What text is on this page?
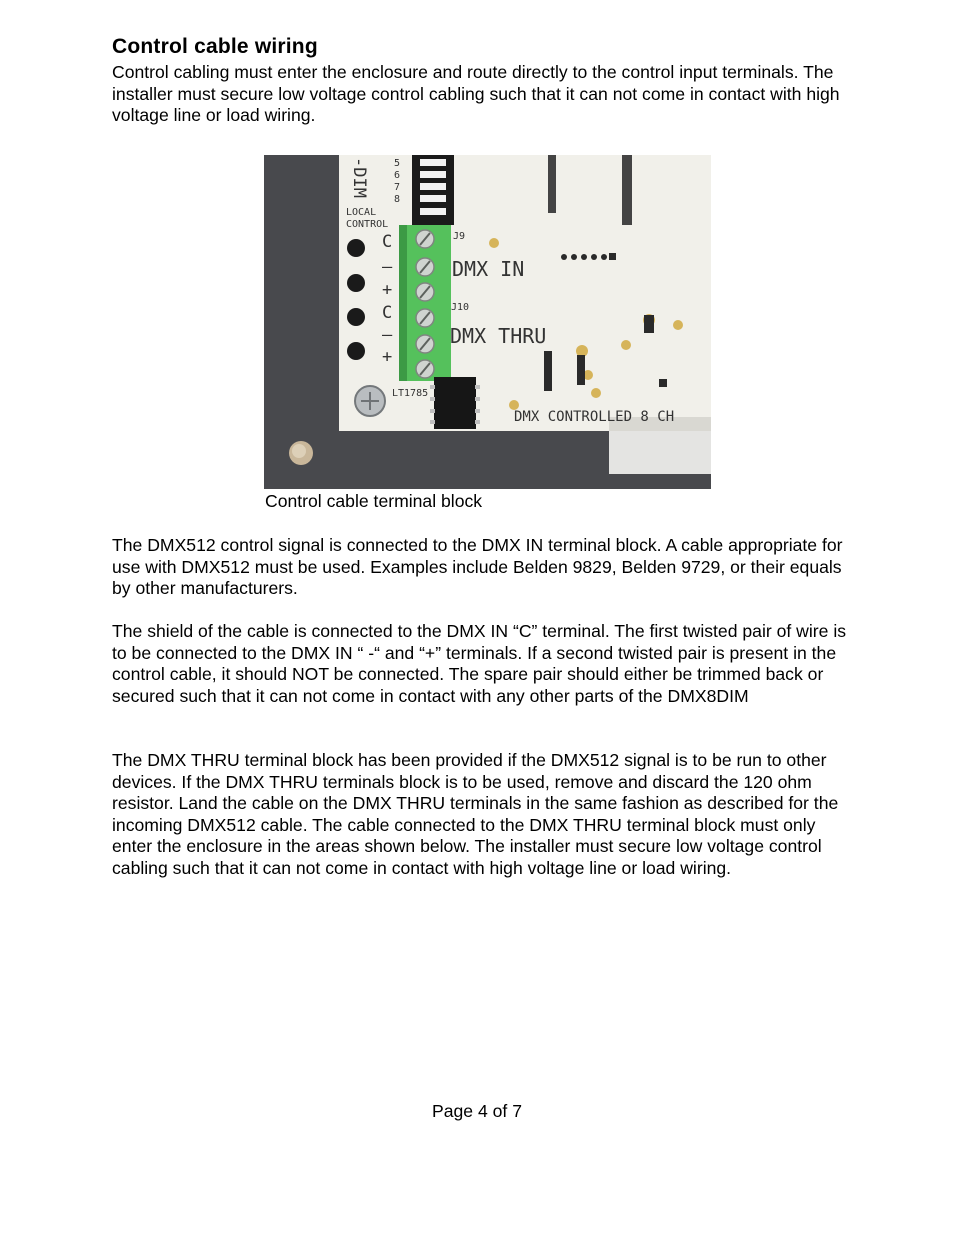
Control cable wiring

Control cabling must enter the enclosure and route directly to the control input terminals. The installer must secure low voltage control cabling such that it can not come in contact with high voltage line or load wiring.

-DIM
LOCAL
CONTROL
J9
J10
DMX IN
DMX THRU
LT1785
DMX CONTROLLED 8 CH
C
–
+
C
–
+
5
6
7
8
Control cable terminal block

The DMX512 control signal is connected to the DMX IN terminal block. A cable appropriate for use with DMX512 must be used. Examples include Belden 9829, Belden 9729, or their equals by other manufacturers.

The shield of the cable is connected to the DMX IN “C” terminal. The first twisted pair of wire is to be connected to the DMX IN “ -“ and “+” terminals. If a second twisted pair is present in the control cable, it should NOT be connected. The spare pair should either be trimmed back or secured such that it can not come in contact with any other parts of the DMX8DIM

The DMX THRU terminal block has been provided if the DMX512 signal is to be run to other devices. If the DMX THRU terminals block is to be used, remove and discard the 120 ohm resistor. Land the cable on the DMX THRU terminals in the same fashion as described for the incoming DMX512 cable. The cable connected to the DMX THRU terminal block must only enter the enclosure in the areas shown below. The installer must secure low voltage control cabling such that it can not come in contact with high voltage line or load wiring.

Page 4 of 7
